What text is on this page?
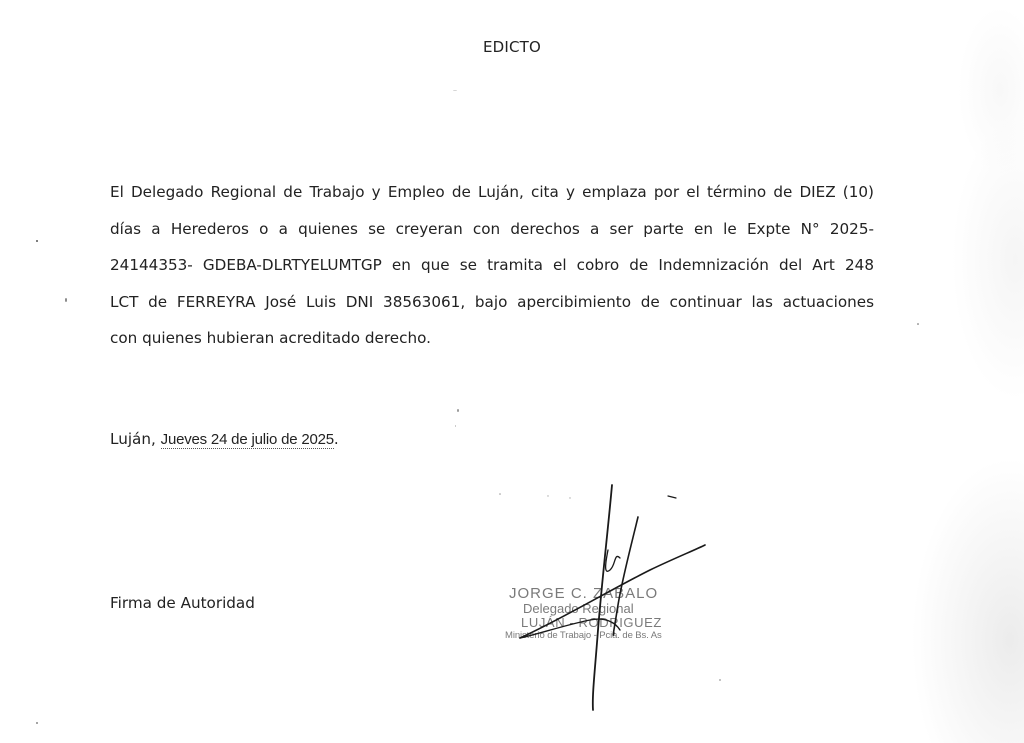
EDICTO
El Delegado Regional de Trabajo y Empleo de Luján, cita y emplaza por el término de DIEZ (10)
días a Herederos o a quienes se creyeran con derechos a ser parte en le Expte N° 2025-
24144353- GDEBA-DLRTYELUMTGP en que se tramita el cobro de Indemnización del Art 248
LCT de FERREYRA José Luis DNI 38563061, bajo apercibimiento de continuar las actuaciones
con quienes hubieran acreditado derecho.
Luján, Jueves 24 de julio de 2025.
Firma de Autoridad
JORGE C. ZABALO
Delegado Regional
LUJÁN - RODRIGUEZ
Ministerio de Trabajo - Pcia. de Bs. As
